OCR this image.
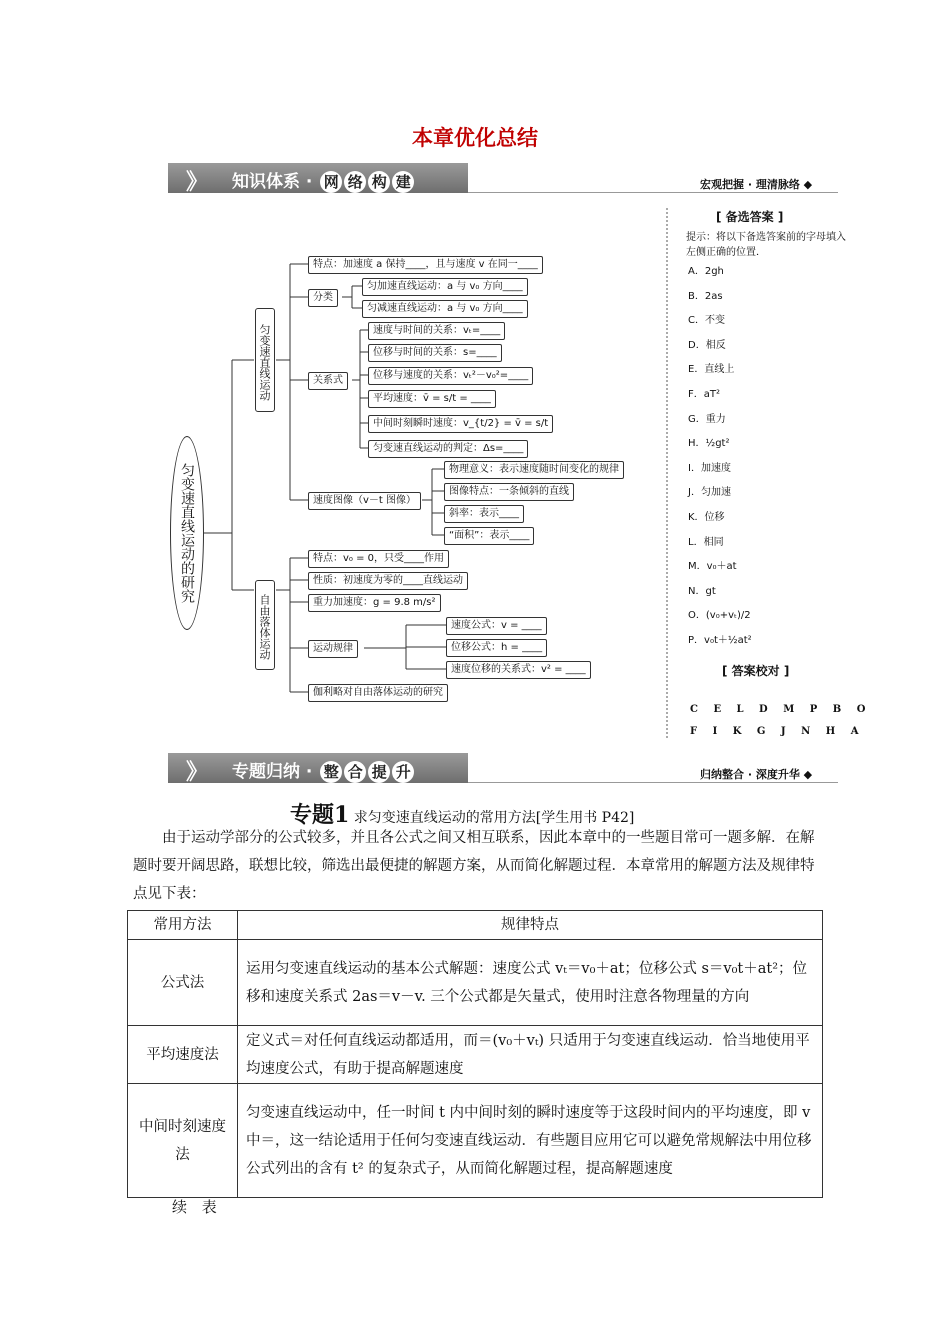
本章优化总结
》 知识体系 · 网 络 构 建	宏观把握 · 理清脉络 ◆
匀变速直线运动的研究
匀变速直线运动
自由落体运动
特点：加速度 a 保持____，且与速度 v 在同一____
分类
匀加速直线运动：a 与 v₀ 方向____
匀减速直线运动：a 与 v₀ 方向____
关系式
速度与时间的关系：vₜ=____
位移与时间的关系：s=____
位移与速度的关系：vₜ²－v₀²=____
平均速度：v̄ = s/t = ____
中间时刻瞬时速度：v_{t/2} = v̄ = s/t
匀变速直线运动的判定：Δs=____
速度图像（v－t 图像）
物理意义：表示速度随时间变化的规律
图像特点：一条倾斜的直线
斜率：表示____
“面积”：表示____
特点：v₀ = 0，只受____作用
性质：初速度为零的____直线运动
重力加速度：g = 9.8 m/s²
运动规律
速度公式：v = ____
位移公式：h = ____
速度位移的关系式：v² = ____
伽利略对自由落体运动的研究
[ 备选答案 ]
提示：将以下备选答案前的字母填入左侧正确的位置．
A．2gh
B．2as
C．不变
D．相反
E．直线上
F．aT²
G．重力
H．½gt²
I．加速度
J．匀加速
K．位移
L．相同
M．v₀＋at
N．gt
O．(v₀+vₜ)/2
P．v₀t＋½at²
[ 答案校对 ]
C E L D M P B O
F I K G J N H A
》 专题归纳 · 整 合 提 升	归纳整合 · 深度升华 ◆
专题1 求匀变速直线运动的常用方法[学生用书 P42]

由于运动学部分的公式较多，并且各公式之间又相互联系，因此本章中的一些题目常可一题多解．在解题时要开阔思路，联想比较，筛选出最便捷的解题方案，从而简化解题过程．本章常用的解题方法及规律特点见下表：

常用方法	规律特点
公式法	运用匀变速直线运动的基本公式解题：速度公式 vₜ＝v₀＋at；位移公式 s＝v₀t＋at²；位移和速度关系式 2as＝v－v. 三个公式都是矢量式，使用时注意各物理量的方向
平均速度法	定义式＝对任何直线运动都适用，而＝(v₀＋vₜ) 只适用于匀变速直线运动．恰当地使用平均速度公式，有助于提高解题速度
中间时刻速度法	匀变速直线运动中，任一时间 t 内中间时刻的瞬时速度等于这段时间内的平均速度，即 v中＝，这一结论适用于任何匀变速直线运动．有些题目应用它可以避免常规解法中用位移公式列出的含有 t² 的复杂式子，从而简化解题过程，提高解题速度
续 表
